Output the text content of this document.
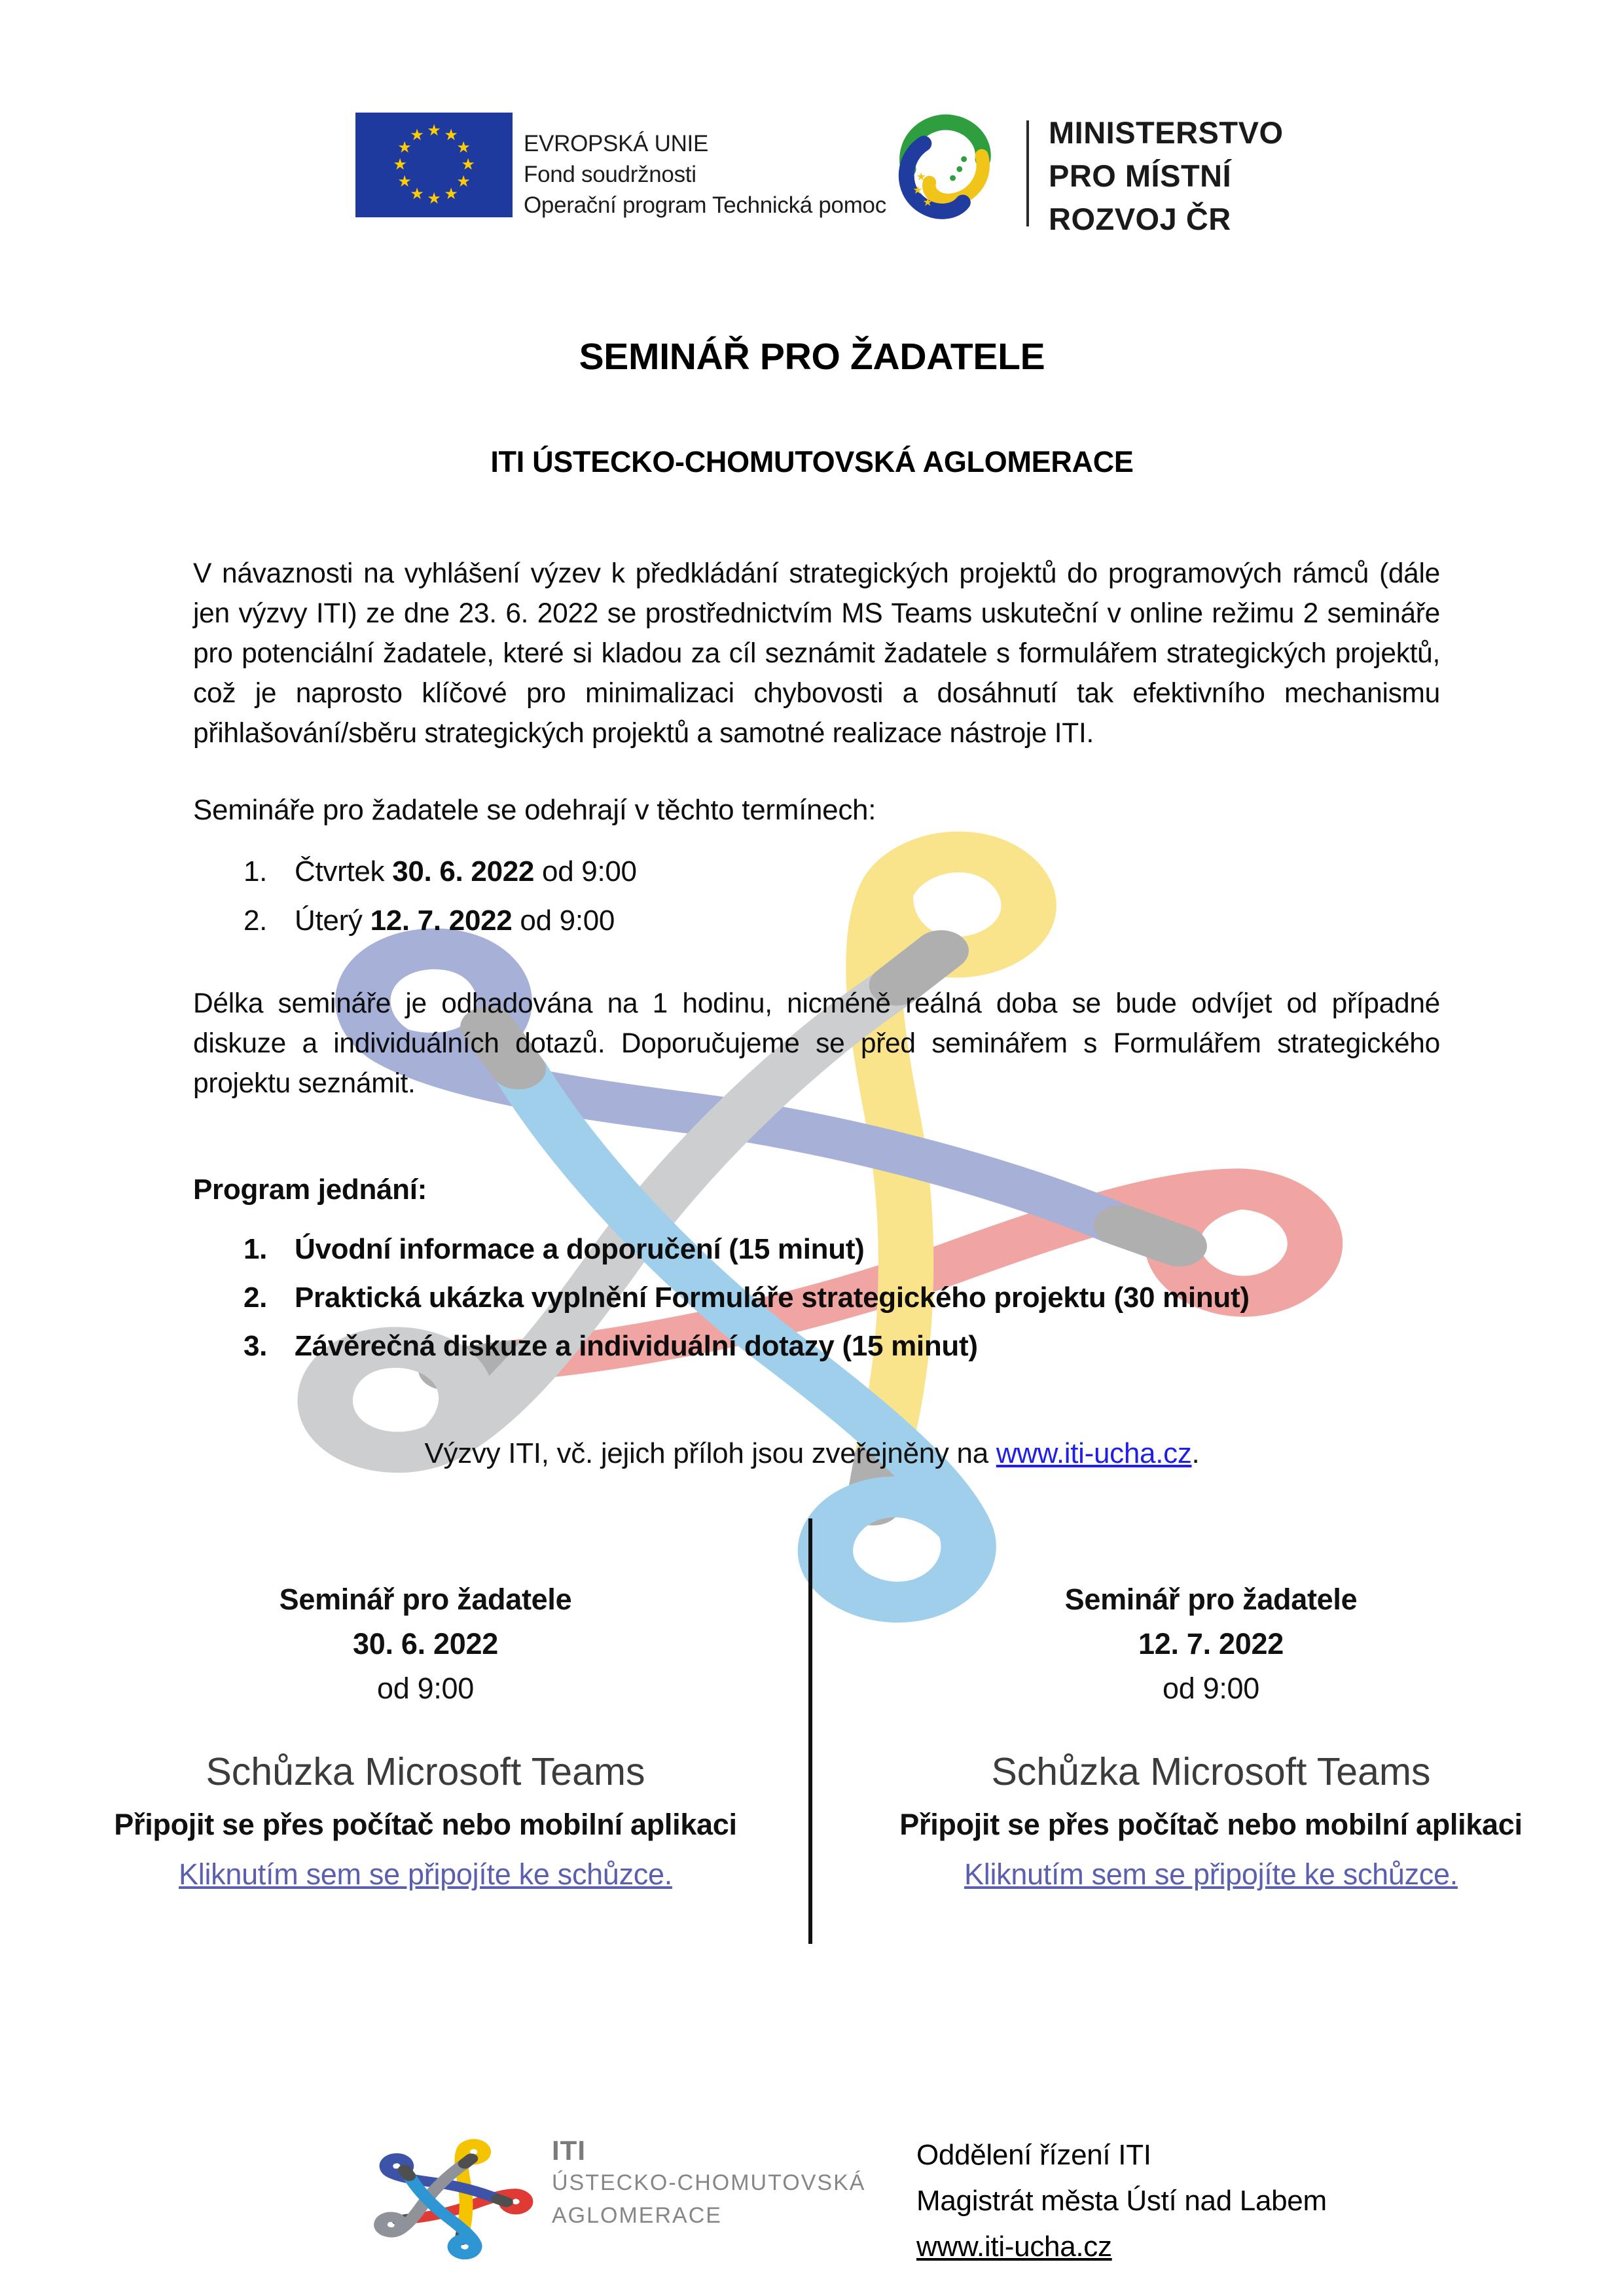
★ ★
★
★
★
★
★
★
★
★
★
★	EVROPSKÁ UNIE
Fond soudržnosti
Operační program Technická pomoc
★
★
★
MINISTERSTVO
PRO MÍSTNÍ
ROZVOJ ČR
SEMINÁŘ PRO ŽADATELE
ITI ÚSTECKO-CHOMUTOVSKÁ AGLOMERACE
V návaznosti na vyhlášení výzev k předkládání strategických projektů do programových rámců (dále jen výzvy ITI) ze dne 23. 6. 2022 se prostřednictvím MS Teams uskuteční v online režimu 2 semináře pro potenciální žadatele, které si kladou za cíl seznámit žadatele s formulářem strategických projektů, což je naprosto klíčové pro minimalizaci chybovosti a dosáhnutí tak efektivního mechanismu přihlašování/sběru strategických projektů a samotné realizace nástroje ITI.
Semináře pro žadatele se odehrají v těchto termínech:
1. Čtvrtek 30. 6. 2022 od 9:00
2. Úterý 12. 7. 2022 od 9:00
Délka semináře je odhadována na 1 hodinu, nicméně reálná doba se bude odvíjet od případné diskuze a individuálních dotazů. Doporučujeme se před seminářem s Formulářem strategického projektu seznámit.
Program jednání:
1. Úvodní informace a doporučení (15 minut)
2. Praktická ukázka vyplnění Formuláře strategického projektu (30 minut)
3. Závěrečná diskuze a individuální dotazy (15 minut)
Výzvy ITI, vč. jejich příloh jsou zveřejněny na www.iti-ucha.cz.
Seminář pro žadatele
30. 6. 2022
od 9:00
Schůzka Microsoft Teams
Připojit se přes počítač nebo mobilní aplikaci
Kliknutím sem se připojíte ke schůzce.
Seminář pro žadatele
12. 7. 2022
od 9:00
Schůzka Microsoft Teams
Připojit se přes počítač nebo mobilní aplikaci
Kliknutím sem se připojíte ke schůzce.
ITI
ÚSTECKO-CHOMUTOVSKÁ
AGLOMERACE
Oddělení řízení ITI
Magistrát města Ústí nad Labem
www.iti-ucha.cz
